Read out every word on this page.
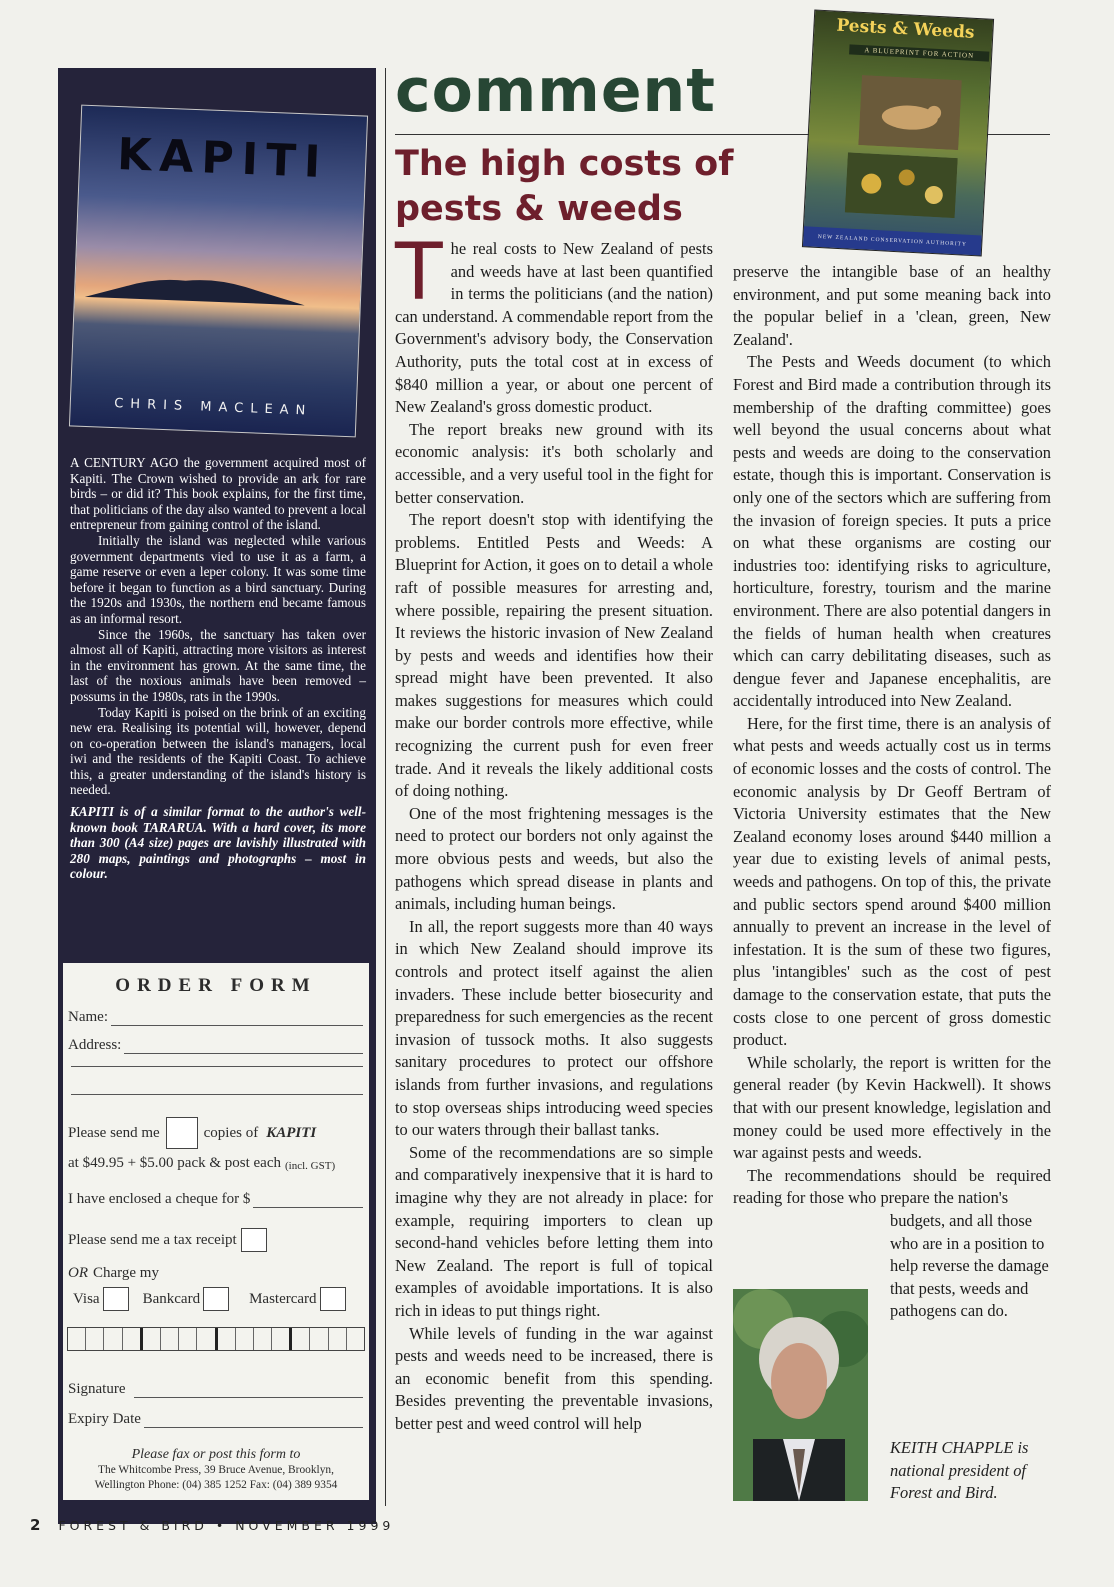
KAPITI
CHRIS MACLEAN

A CENTURY AGO the government acquired most of Kapiti. The Crown wished to provide an ark for rare birds – or did it? This book explains, for the first time, that politicians of the day also wanted to prevent a local entrepreneur from gaining control of the island.

Initially the island was neglected while various government departments vied to use it as a farm, a game reserve or even a leper colony. It was some time before it began to function as a bird sanctuary. During the 1920s and 1930s, the northern end became famous as an informal resort.

Since the 1960s, the sanctuary has taken over almost all of Kapiti, attracting more visitors as interest in the environment has grown. At the same time, the last of the noxious animals have been removed – possums in the 1980s, rats in the 1990s.

Today Kapiti is poised on the brink of an exciting new era. Realising its potential will, however, depend on co-operation between the island's managers, local iwi and the residents of the Kapiti Coast. To achieve this, a greater understanding of the island's history is needed.

KAPITI is of a similar format to the author's well-known book TARARUA. With a hard cover, its more than 300 (A4 size) pages are lavishly illustrated with 280 maps, paintings and photographs – most in colour.

ORDER FORM
Name:
Address:
Please send me	copies of KAPITI
at $49.95 + $5.00 pack & post each (incl. GST)
I have enclosed a cheque for $
Please send me a tax receipt
OR Charge my
Visa	Bankcard	Mastercard
Signature
Expiry Date
Please fax or post this form to
The Whitcombe Press, 39 Bruce Avenue, Brooklyn,
Wellington Phone: (04) 385 1252 Fax: (04) 389 9354
2 FOREST & BIRD • NOVEMBER 1999
comment
The high costs of pests & weeds
Pests & Weeds
A BLUEPRINT FOR ACTION
NEW ZEALAND CONSERVATION AUTHORITY

The real costs to New Zealand of pests and weeds have at last been quantified in terms the politicians (and the nation) can understand. A commendable report from the Government's advisory body, the Conservation Authority, puts the total cost at in excess of $840 million a year, or about one percent of New Zealand's gross domestic product.

The report breaks new ground with its economic analysis: it's both scholarly and accessible, and a very useful tool in the fight for better conservation.

The report doesn't stop with identifying the problems. Entitled Pests and Weeds: A Blueprint for Action, it goes on to detail a whole raft of possible measures for arresting and, where possible, repairing the present situation. It reviews the historic invasion of New Zealand by pests and weeds and identifies how their spread might have been prevented. It also makes suggestions for measures which could make our border controls more effective, while recognizing the current push for even freer trade. And it reveals the likely additional costs of doing nothing.

One of the most frightening messages is the need to protect our borders not only against the more obvious pests and weeds, but also the pathogens which spread disease in plants and animals, including human beings.

In all, the report suggests more than 40 ways in which New Zealand should improve its controls and protect itself against the alien invaders. These include better biosecurity and preparedness for such emergencies as the recent invasion of tussock moths. It also suggests sanitary procedures to protect our offshore islands from further invasions, and regulations to stop overseas ships introducing weed species to our waters through their ballast tanks.

Some of the recommendations are so simple and comparatively inexpensive that it is hard to imagine why they are not already in place: for example, requiring importers to clean up second-hand vehicles before letting them into New Zealand. The report is full of topical examples of avoidable importations. It is also rich in ideas to put things right.

While levels of funding in the war against pests and weeds need to be increased, there is an economic benefit from this spending. Besides preventing the preventable invasions, better pest and weed control will help

preserve the intangible base of an healthy environment, and put some meaning back into the popular belief in a 'clean, green, New Zealand'.

The Pests and Weeds document (to which Forest and Bird made a contribution through its membership of the drafting committee) goes well beyond the usual concerns about what pests and weeds are doing to the conservation estate, though this is important. Conservation is only one of the sectors which are suffering from the invasion of foreign species. It puts a price on what these organisms are costing our industries too: identifying risks to agriculture, horticulture, forestry, tourism and the marine environment. There are also potential dangers in the fields of human health when creatures which can carry debilitating diseases, such as dengue fever and Japanese encephalitis, are accidentally introduced into New Zealand.

Here, for the first time, there is an analysis of what pests and weeds actually cost us in terms of economic losses and the costs of control. The economic analysis by Dr Geoff Bertram of Victoria University estimates that the New Zealand economy loses around $440 million a year due to existing levels of animal pests, weeds and pathogens. On top of this, the private and public sectors spend around $400 million annually to prevent an increase in the level of infestation. It is the sum of these two figures, plus 'intangibles' such as the cost of pest damage to the conservation estate, that puts the costs close to one percent of gross domestic product.

While scholarly, the report is written for the general reader (by Kevin Hackwell). It shows that with our present knowledge, legislation and money could be used more effectively in the war against pests and weeds.

The recommendations should be required reading for those who prepare the nation's

budgets, and all those who are in a position to help reverse the damage that pests, weeds and pathogens can do.
KEITH CHAPPLE is national president of Forest and Bird.
